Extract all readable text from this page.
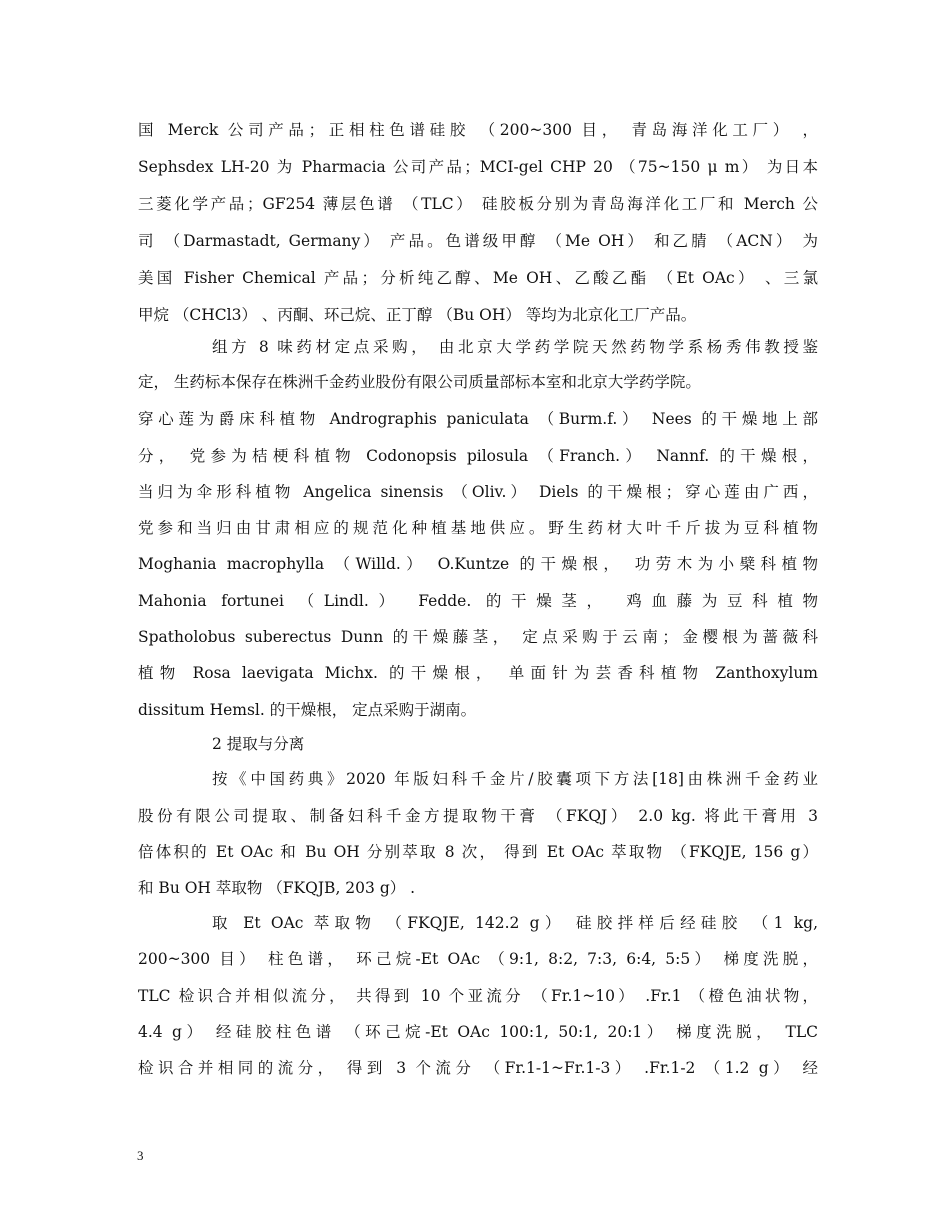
国 Merck 公司产品；正相柱色谱硅胶 （200~300 目， 青岛海洋化工厂） ，
Sephsdex LH-20 为 Pharmacia 公司产品；MCI-gel CHP 20 （75~150 μ m） 为日本
三菱化学产品；GF254 薄层色谱 （TLC） 硅胶板分别为青岛海洋化工厂和 Merch 公
司 （Darmastadt, Germany） 产品。色谱级甲醇 （Me OH） 和乙腈 （ACN） 为
美国 Fisher Chemical 产品；分析纯乙醇、Me OH、乙酸乙酯 （Et OAc） 、三氯
甲烷 （CHCl3） 、丙酮、环己烷、正丁醇 （Bu OH） 等均为北京化工厂产品。
组方 8 味药材定点采购， 由北京大学药学院天然药物学系杨秀伟教授鉴
定， 生药标本保存在株洲千金药业股份有限公司质量部标本室和北京大学药学院。
穿心莲为爵床科植物 Andrographis paniculata （Burm.f.） Nees 的干燥地上部
分， 党参为桔梗科植物 Codonopsis pilosula （Franch.） Nannf. 的干燥根，
当归为伞形科植物 Angelica sinensis （Oliv.） Diels 的干燥根；穿心莲由广西，
党参和当归由甘肃相应的规范化种植基地供应。野生药材大叶千斤拔为豆科植物
Moghania macrophylla （Willd.） O.Kuntze 的干燥根， 功劳木为小檗科植物
Mahonia fortunei （Lindl.） Fedde. 的干燥茎， 鸡血藤为豆科植物
Spatholobus suberectus Dunn 的干燥藤茎， 定点采购于云南；金樱根为蔷薇科
植物 Rosa laevigata Michx. 的干燥根， 单面针为芸香科植物 Zanthoxylum
dissitum Hemsl. 的干燥根， 定点采购于湖南。
2 提取与分离
按《中国药典》2020 年版妇科千金片/胶囊项下方法[18]由株洲千金药业
股份有限公司提取、制备妇科千金方提取物干膏 （FKQJ） 2.0 kg. 将此干膏用 3
倍体积的 Et OAc 和 Bu OH 分别萃取 8 次， 得到 Et OAc 萃取物 （FKQJE, 156 g）
和 Bu OH 萃取物 （FKQJB, 203 g） .
取 Et OAc 萃取物 （FKQJE, 142.2 g） 硅胶拌样后经硅胶 （1 kg,
200~300 目） 柱色谱， 环己烷-Et OAc （9:1, 8:2, 7:3, 6:4, 5:5） 梯度洗脱，
TLC 检识合并相似流分， 共得到 10 个亚流分 （Fr.1~10） .Fr.1 （橙色油状物，
4.4 g） 经硅胶柱色谱 （环己烷-Et OAc 100:1, 50:1, 20:1） 梯度洗脱， TLC
检识合并相同的流分， 得到 3 个流分 （Fr.1-1~Fr.1-3） .Fr.1-2 （1.2 g） 经
3
